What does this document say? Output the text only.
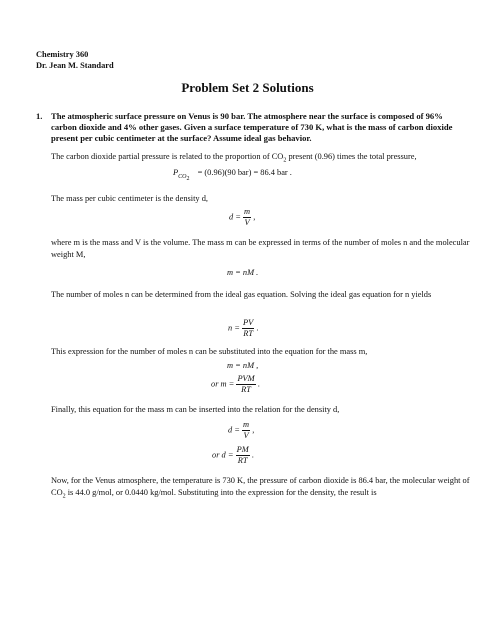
Chemistry 360
Dr. Jean M. Standard
Problem Set 2 Solutions
1. The atmospheric surface pressure on Venus is 90 bar. The atmosphere near the surface is composed of 96% carbon dioxide and 4% other gases. Given a surface temperature of 730 K, what is the mass of carbon dioxide present per cubic centimeter at the surface? Assume ideal gas behavior.
The carbon dioxide partial pressure is related to the proportion of $CO_2$ present (0.96) times the total pressure,
$P_{CO_2} = (0.96)(90$ bar) = 86.4 bar .
The mass per cubic centimeter is the density d,
$d = \frac{m}{V}$ ,
where m is the mass and V is the volume. The mass m can be expressed in terms of the number of moles n and the molecular weight M,
m = nM .
The number of moles n can be determined from the ideal gas equation. Solving the ideal gas equation for n yields
$n = \frac{PV}{RT}$ .
This expression for the number of moles n can be substituted into the equation for the mass m,
m = nM ,
or $m = \frac{\text{PVM}}{RT}$ .
Finally, this equation for the mass m can be inserted into the relation for the density d,
$d = \frac{m}{V}$ ,
or $d = \frac{PM}{RT}$ .
Now, for the Venus atmosphere, the temperature is 730 K, the pressure of carbon dioxide is 86.4 bar, the molecular weight of $CO_2$ is 44.0 g/mol, or 0.0440 kg/mol. Substituting into the expression for the density, the result is
